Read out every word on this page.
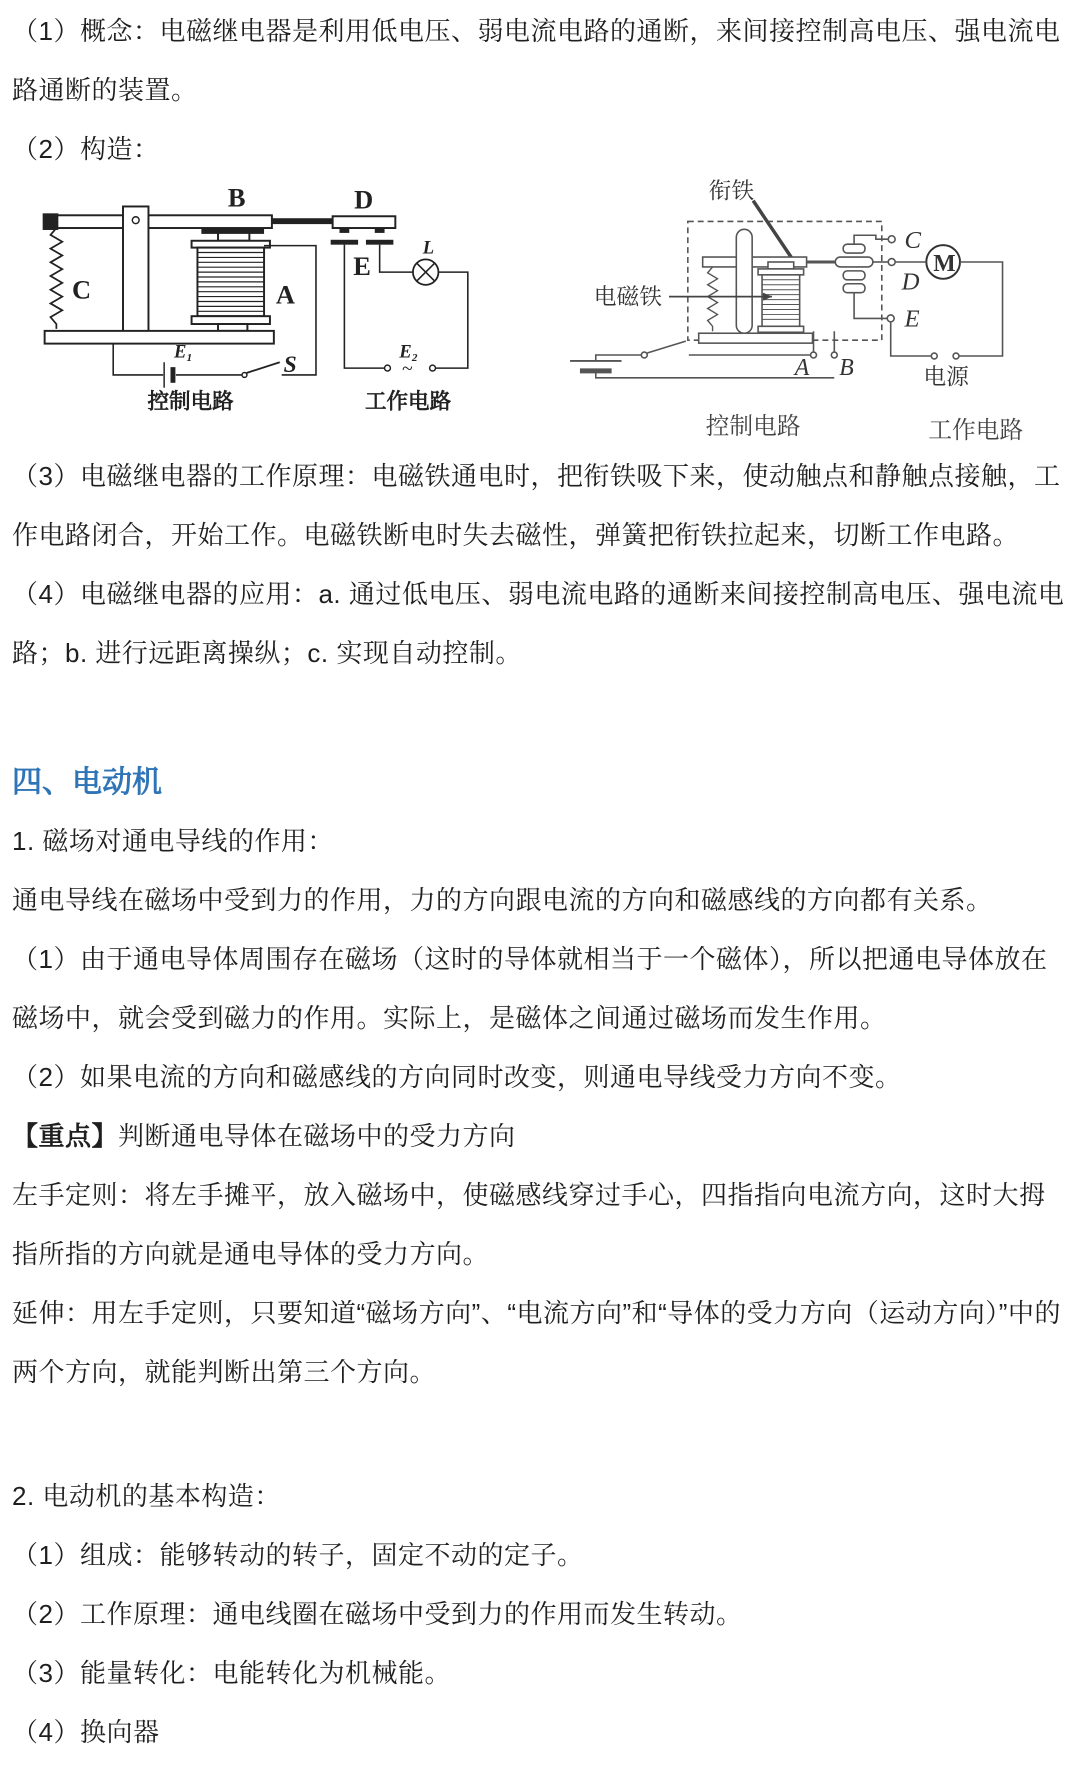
（1）概念：电磁继电器是利用低电压、弱电流电路的通断，来间接控制高电压、强电流电路通断的装置。

（2）构造：

B	D
C	A
E
L
E₁
S
E₂
~
控制电路	工作电路
衔铁
电磁铁
C
D
E
M
A B	电源
控制电路	工作电路

（3）电磁继电器的工作原理：电磁铁通电时，把衔铁吸下来，使动触点和静触点接触，工作电路闭合，开始工作。电磁铁断电时失去磁性，弹簧把衔铁拉起来，切断工作电路。

（4）电磁继电器的应用：a. 通过低电压、弱电流电路的通断来间接控制高电压、强电流电路；b. 进行远距离操纵；c. 实现自动控制。

四、电动机

1. 磁场对通电导线的作用：

通电导线在磁场中受到力的作用，力的方向跟电流的方向和磁感线的方向都有关系。

（1）由于通电导体周围存在磁场（这时的导体就相当于一个磁体），所以把通电导体放在磁场中，就会受到磁力的作用。实际上，是磁体之间通过磁场而发生作用。

（2）如果电流的方向和磁感线的方向同时改变，则通电导线受力方向不变。

【重点】判断通电导体在磁场中的受力方向

左手定则：将左手摊平，放入磁场中，使磁感线穿过手心，四指指向电流方向，这时大拇指所指的方向就是通电导体的受力方向。

延伸：用左手定则，只要知道“磁场方向”、“电流方向”和“导体的受力方向（运动方向）”中的两个方向，就能判断出第三个方向。

2. 电动机的基本构造：

（1）组成：能够转动的转子，固定不动的定子。

（2）工作原理：通电线圈在磁场中受到力的作用而发生转动。

（3）能量转化：电能转化为机械能。

（4）换向器
